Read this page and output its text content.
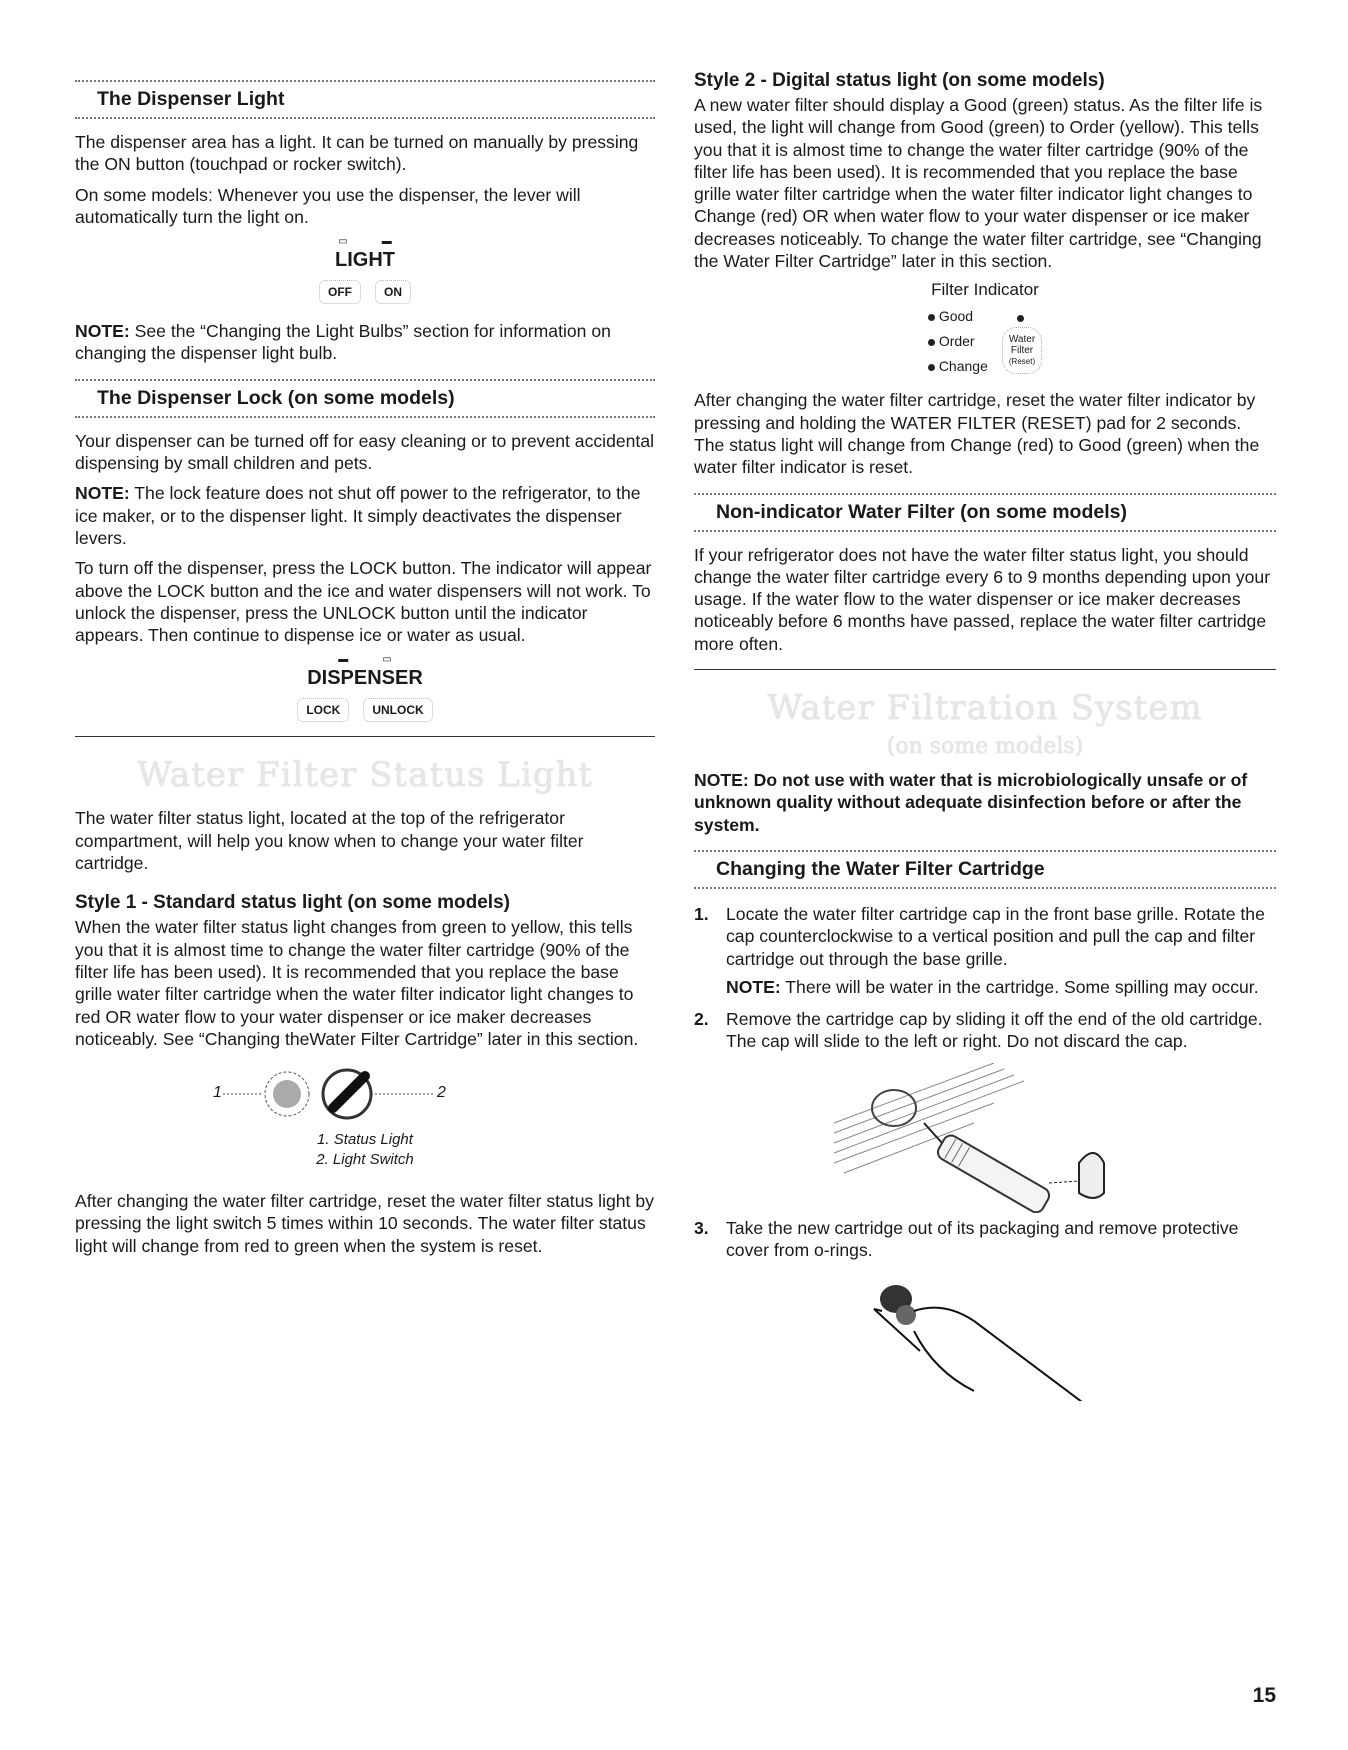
The Dispenser Light

The dispenser area has a light. It can be turned on manually by pressing the ON button (touchpad or rocker switch).

On some models: Whenever you use the dispenser, the lever will automatically turn the light on.

▭▬
LIGHT
OFF	ON

NOTE: See the “Changing the Light Bulbs” section for information on changing the dispenser light bulb.

The Dispenser Lock (on some models)

Your dispenser can be turned off for easy cleaning or to prevent accidental dispensing by small children and pets.

NOTE: The lock feature does not shut off power to the refrigerator, to the ice maker, or to the dispenser light. It simply deactivates the dispenser levers.

To turn off the dispenser, press the LOCK button. The indicator will appear above the LOCK button and the ice and water dispensers will not work. To unlock the dispenser, press the UNLOCK button until the indicator appears. Then continue to dispense ice or water as usual.

▬▭
DISPENSER
LOCK	UNLOCK
Water Filter Status Light

The water filter status light, located at the top of the refrigerator compartment, will help you know when to change your water filter cartridge.

Style 1 - Standard status light (on some models)

When the water filter status light changes from green to yellow, this tells you that it is almost time to change the water filter cartridge (90% of the filter life has been used). It is recommended that you replace the base grille water filter cartridge when the water filter indicator light changes to red OR water flow to your water dispenser or ice maker decreases noticeably. See “Changing theWater Filter Cartridge” later in this section.

1	2
1. Status Light
2. Light Switch

After changing the water filter cartridge, reset the water filter status light by pressing the light switch 5 times within 10 seconds. The water filter status light will change from red to green when the system is reset.

Style 2 - Digital status light (on some models)

A new water filter should display a Good (green) status. As the filter life is used, the light will change from Good (green) to Order (yellow). This tells you that it is almost time to change the water filter cartridge (90% of the filter life has been used). It is recommended that you replace the base grille water filter cartridge when the water filter indicator light changes to Change (red) OR when water flow to your water dispenser or ice maker decreases noticeably. To change the water filter cartridge, see “Changing the Water Filter Cartridge” later in this section.

Filter Indicator
Good
Order
Change
Water
Filter
(Reset)

After changing the water filter cartridge, reset the water filter indicator by pressing and holding the WATER FILTER (RESET) pad for 2 seconds. The status light will change from Change (red) to Good (green) when the water filter indicator is reset.

Non-indicator Water Filter (on some models)

If your refrigerator does not have the water filter status light, you should change the water filter cartridge every 6 to 9 months depending upon your usage. If the water flow to the water dispenser or ice maker decreases noticeably before 6 months have passed, replace the water filter cartridge more often.

Water Filtration System
(on some models)

NOTE: Do not use with water that is microbiologically unsafe or of unknown quality without adequate disinfection before or after the system.

Changing the Water Filter Cartridge
1. Locate the water filter cartridge cap in the front base grille. Rotate the cap counterclockwise to a vertical position and pull the cap and filter cartridge out through the base grille.
NOTE: There will be water in the cartridge. Some spilling may occur.
2. Remove the cartridge cap by sliding it off the end of the old cartridge. The cap will slide to the left or right. Do not discard the cap.
3. Take the new cartridge out of its packaging and remove protective cover from o-rings.
15
